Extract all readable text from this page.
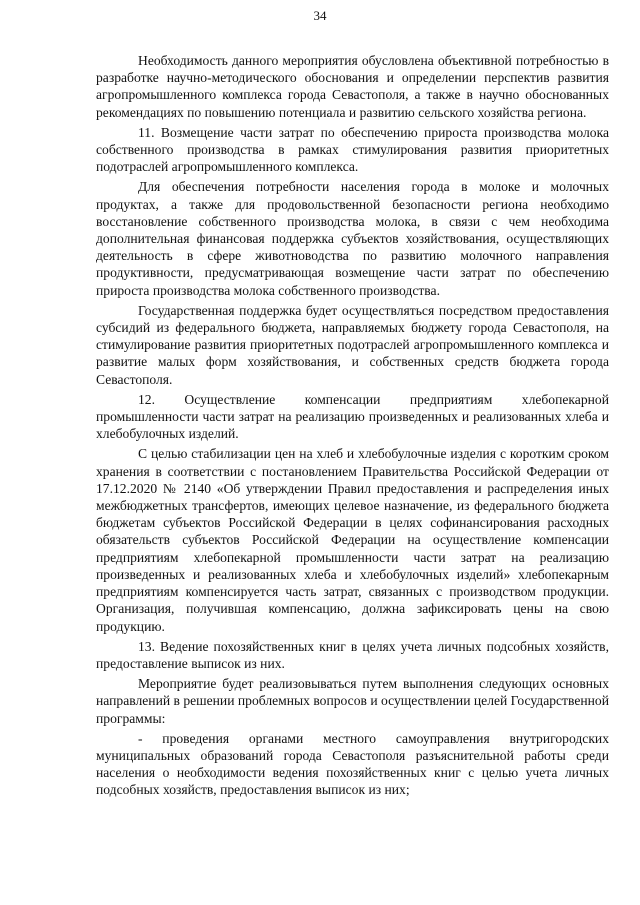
34

Необходимость данного мероприятия обусловлена объективной потребностью в разработке научно-методического обоснования и определении перспектив развития агропромышленного комплекса города Севастополя, а также в научно обоснованных рекомендациях по повышению потенциала и развитию сельского хозяйства региона.

11. Возмещение части затрат по обеспечению прироста производства молока собственного производства в рамках стимулирования развития приоритетных подотраслей агропромышленного комплекса.

Для обеспечения потребности населения города в молоке и молочных продуктах, а также для продовольственной безопасности региона необходимо восстановление собственного производства молока, в связи с чем необходима дополнительная финансовая поддержка субъектов хозяйствования, осуществляющих деятельность в сфере животноводства по развитию молочного направления продуктивности, предусматривающая возмещение части затрат по обеспечению прироста производства молока собственного производства.

Государственная поддержка будет осуществляться посредством предоставления субсидий из федерального бюджета, направляемых бюджету города Севастополя, на стимулирование развития приоритетных подотраслей агропромышленного комплекса и развитие малых форм хозяйствования, и собственных средств бюджета города Севастополя.

12. Осуществление компенсации предприятиям хлебопекарной промышленности части затрат на реализацию произведенных и реализованных хлеба и хлебобулочных изделий.

С целью стабилизации цен на хлеб и хлебобулочные изделия с коротким сроком хранения в соответствии с постановлением Правительства Российской Федерации от 17.12.2020 № 2140 «Об утверждении Правил предоставления и распределения иных межбюджетных трансфертов, имеющих целевое назначение, из федерального бюджета бюджетам субъектов Российской Федерации в целях софинансирования расходных обязательств субъектов Российской Федерации на осуществление компенсации предприятиям хлебопекарной промышленности части затрат на реализацию произведенных и реализованных хлеба и хлебобулочных изделий» хлебопекарным предприятиям компенсируется часть затрат, связанных с производством продукции. Организация, получившая компенсацию, должна зафиксировать цены на свою продукцию.

13. Ведение похозяйственных книг в целях учета личных подсобных хозяйств, предоставление выписок из них.

Мероприятие будет реализовываться путем выполнения следующих основных направлений в решении проблемных вопросов и осуществлении целей Государственной программы:

- проведения органами местного самоуправления внутригородских муниципальных образований города Севастополя разъяснительной работы среди населения о необходимости ведения похозяйственных книг с целью учета личных подсобных хозяйств, предоставления выписок из них;
